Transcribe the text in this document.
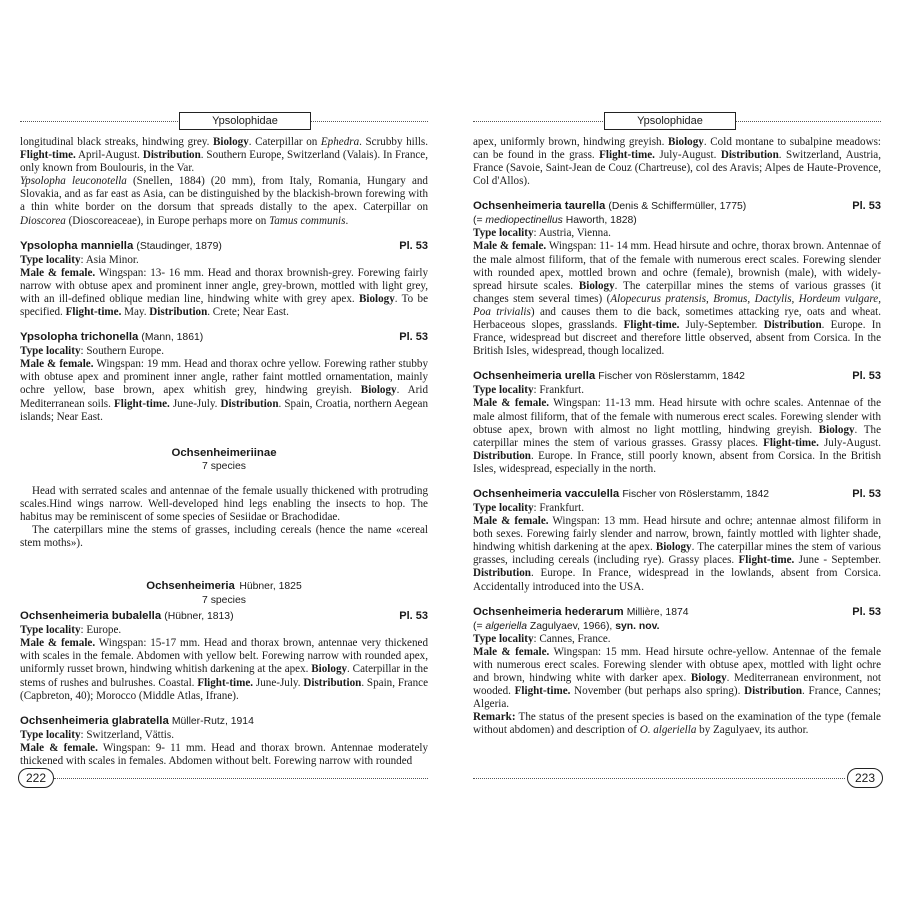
Ypsolophidae

longitudinal black streaks, hindwing grey. Biology. Caterpillar on Ephedra. Scrubby hills. Flight-time. April-August. Distribution. Southern Europe, Switzerland (Valais). In France, only known from Boulouris, in the Var.

Ypsolopha leuconotella (Snellen, 1884) (20 mm), from Italy, Romania, Hungary and Slovakia, and as far east as Asia, can be distinguished by the blackish-brown forewing with a thin white border on the dorsum that spreads distally to the apex. Caterpillar on Dioscorea (Dioscoreaceae), in Europe perhaps more on Tamus communis.

Ypsolopha manniella (Staudinger, 1879)	Pl. 53

Type locality: Asia Minor.

Male & female. Wingspan: 13- 16 mm. Head and thorax brownish-grey. Forewing fairly narrow with obtuse apex and prominent inner angle, grey-brown, mottled with light grey, with an ill-defined oblique median line, hindwing white with grey apex. Biology. To be specified. Flight-time. May. Distribution. Crete; Near East.

Ypsolopha trichonella (Mann, 1861)	Pl. 53

Type locality: Southern Europe.

Male & female. Wingspan: 19 mm. Head and thorax ochre yellow. Forewing rather stubby with obtuse apex and prominent inner angle, rather faint mottled ornamentation, mainly ochre yellow, base brown, apex whitish grey, hindwing greyish. Biology. Arid Mediterranean soils. Flight-time. June-July. Distribution. Spain, Croatia, northern Aegean islands; Near East.

Ochsenheimeriinae
7 species

Head with serrated scales and antennae of the female usually thickened with protruding scales.Hind wings narrow. Well-developed hind legs enabling the insects to hop. The habitus may be reminiscent of some species of Sesiidae or Brachodidae.

The caterpillars mine the stems of grasses, including cereals (hence the name «cereal stem moths»).

Ochsenheimeria Hübner, 1825
7 species
Ochsenheimeria bubalella (Hübner, 1813)	Pl. 53

Type locality: Europe.

Male & female. Wingspan: 15-17 mm. Head and thorax brown, antennae very thickened with scales in the female. Abdomen with yellow belt. Forewing narrow with rounded apex, uniformly russet brown, hindwing whitish darkening at the apex. Biology. Caterpillar in the stems of rushes and bulrushes. Coastal. Flight-time. June-July. Distribution. Spain, France (Capbreton, 40); Morocco (Middle Atlas, Ifrane).

Ochsenheimeria glabratella Müller-Rutz, 1914

Type locality: Switzerland, Vättis.

Male & female. Wingspan: 9- 11 mm. Head and thorax brown. Antennae moderately thickened with scales in females. Abdomen without belt. Forewing narrow with rounded

Ypsolophidae

apex, uniformly brown, hindwing greyish. Biology. Cold montane to subalpine meadows: can be found in the grass. Flight-time. July-August. Distribution. Switzerland, Austria, France (Savoie, Saint-Jean de Couz (Chartreuse), col des Aravis; Alpes de Haute-Provence, Col d'Allos).

Ochsenheimeria taurella (Denis & Schiffermüller, 1775)	Pl. 53
(= mediopectinellus Haworth, 1828)

Type locality: Austria, Vienna.

Male & female. Wingspan: 11- 14 mm. Head hirsute and ochre, thorax brown. Antennae of the male almost filiform, that of the female with numerous erect scales. Forewing slender with rounded apex, mottled brown and ochre (female), brownish (male), with widely-spread hirsute scales. Biology. The caterpillar mines the stems of various grasses (it changes stem several times) (Alopecurus pratensis, Bromus, Dactylis, Hordeum vulgare, Poa trivialis) and causes them to die back, sometimes attacking rye, oats and wheat. Herbaceous slopes, grasslands. Flight-time. July-September. Distribution. Europe. In France, widespread but discreet and therefore little observed, absent from Corsica. In the British Isles, widespread, though localized.

Ochsenheimeria urella Fischer von Röslerstamm, 1842	Pl. 53

Type locality: Frankfurt.

Male & female. Wingspan: 11-13 mm. Head hirsute with ochre scales. Antennae of the male almost filiform, that of the female with numerous erect scales. Forewing slender with obtuse apex, brown with almost no light mottling, hindwing greyish. Biology. The caterpillar mines the stem of various grasses. Grassy places. Flight-time. July-August. Distribution. Europe. In France, still poorly known, absent from Corsica. In the British Isles, widespread, especially in the north.

Ochsenheimeria vacculella Fischer von Röslerstamm, 1842	Pl. 53

Type locality: Frankfurt.

Male & female. Wingspan: 13 mm. Head hirsute and ochre; antennae almost filiform in both sexes. Forewing fairly slender and narrow, brown, faintly mottled with lighter shade, hindwing whitish darkening at the apex. Biology. The caterpillar mines the stem of various grasses, including cereals (including rye). Grassy places. Flight-time. June - September. Distribution. Europe. In France, widespread in the lowlands, absent from Corsica. Accidentally introduced into the USA.

Ochsenheimeria hederarum Millière, 1874	Pl. 53
(= algeriella Zagulyaev, 1966), syn. nov.

Type locality: Cannes, France.

Male & female. Wingspan: 15 mm. Head hirsute ochre-yellow. Antennae of the female with numerous erect scales. Forewing slender with obtuse apex, mottled with light ochre and brown, hindwing white with darker apex. Biology. Mediterranean environment, not wooded. Flight-time. November (but perhaps also spring). Distribution. France, Cannes; Algeria.

Remark: The status of the present species is based on the examination of the type (female without abdomen) and description of O. algeriella by Zagulyaev, its author.

222	223
